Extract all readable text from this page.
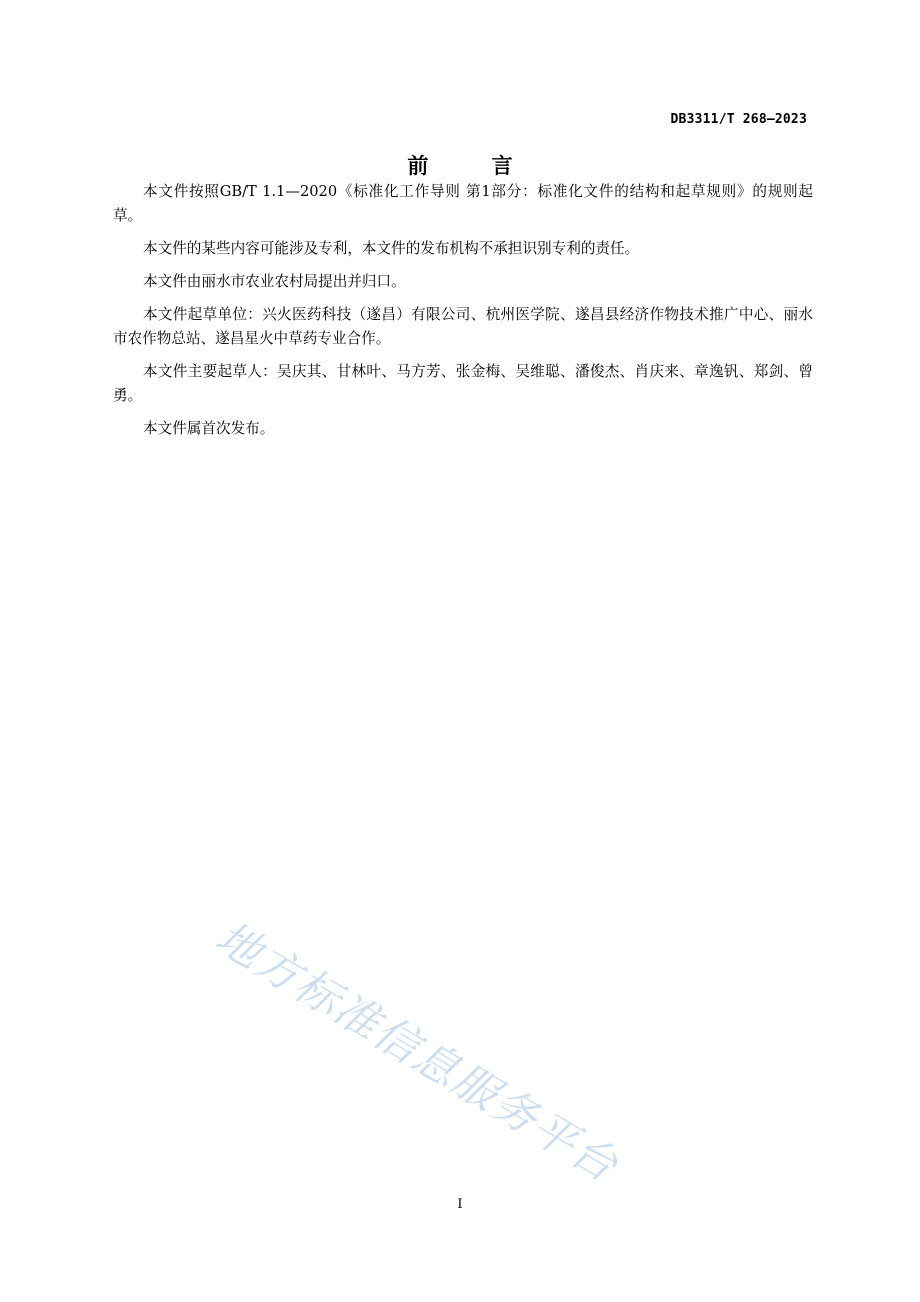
DB3311/T 268—2023
前 言

本文件按照GB/T 1.1—2020《标准化工作导则 第1部分：标准化文件的结构和起草规则》的规则起草。

本文件的某些内容可能涉及专利，本文件的发布机构不承担识别专利的责任。

本文件由丽水市农业农村局提出并归口。

本文件起草单位：兴火医药科技（遂昌）有限公司、杭州医学院、遂昌县经济作物技术推广中心、丽水市农作物总站、遂昌星火中草药专业合作。

本文件主要起草人：吴庆其、甘林叶、马方芳、张金梅、吴维聪、潘俊杰、肖庆来、章逸钒、郑剑、曾勇。

本文件属首次发布。

地方标准信息服务平台
I
